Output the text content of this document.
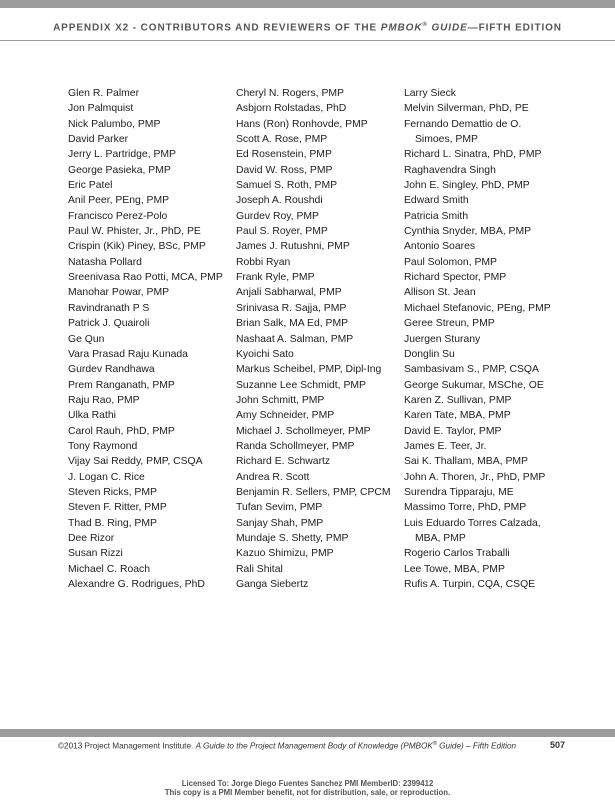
APPENDIX X2 - CONTRIBUTORS AND REVIEWERS OF THE PMBOK® GUIDE—FIFTH EDITION
Glen R. Palmer
Jon Palmquist
Nick Palumbo, PMP
David Parker
Jerry L. Partridge, PMP
George Pasieka, PMP
Eric Patel
Anil Peer, PEng, PMP
Francisco Perez-Polo
Paul W. Phister, Jr., PhD, PE
Crispin (Kik) Piney, BSc, PMP
Natasha Pollard
Sreenivasa Rao Potti, MCA, PMP
Manohar Powar, PMP
Ravindranath P S
Patrick J. Quairoli
Ge Qun
Vara Prasad Raju Kunada
Gurdev Randhawa
Prem Ranganath, PMP
Raju Rao, PMP
Ulka Rathi
Carol Rauh, PhD, PMP
Tony Raymond
Vijay Sai Reddy, PMP, CSQA
J. Logan C. Rice
Steven Ricks, PMP
Steven F. Ritter, PMP
Thad B. Ring, PMP
Dee Rizor
Susan Rizzi
Michael C. Roach
Alexandre G. Rodrigues, PhD
Cheryl N. Rogers, PMP
Asbjorn Rolstadas, PhD
Hans (Ron) Ronhovde, PMP
Scott A. Rose, PMP
Ed Rosenstein, PMP
David W. Ross, PMP
Samuel S. Roth, PMP
Joseph A. Roushdi
Gurdev Roy, PMP
Paul S. Royer, PMP
James J. Rutushni, PMP
Robbi Ryan
Frank Ryle, PMP
Anjali Sabharwal, PMP
Srinivasa R. Sajja, PMP
Brian Salk, MA Ed, PMP
Nashaat A. Salman, PMP
Kyoichi Sato
Markus Scheibel, PMP, Dipl-Ing
Suzanne Lee Schmidt, PMP
John Schmitt, PMP
Amy Schneider, PMP
Michael J. Schollmeyer, PMP
Randa Schollmeyer, PMP
Richard E. Schwartz
Andrea R. Scott
Benjamin R. Sellers, PMP, CPCM
Tufan Sevim, PMP
Sanjay Shah, PMP
Mundaje S. Shetty, PMP
Kazuo Shimizu, PMP
Rali Shital
Ganga Siebertz
Larry Sieck
Melvin Silverman, PhD, PE
Fernando Demattio de O.
Simoes, PMP
Richard L. Sinatra, PhD, PMP
Raghavendra Singh
John E. Singley, PhD, PMP
Edward Smith
Patricia Smith
Cynthia Snyder, MBA, PMP
Antonio Soares
Paul Solomon, PMP
Richard Spector, PMP
Allison St. Jean
Michael Stefanovic, PEng, PMP
Geree Streun, PMP
Juergen Sturany
Donglin Su
Sambasivam S., PMP, CSQA
George Sukumar, MSChe, OE
Karen Z. Sullivan, PMP
Karen Tate, MBA, PMP
David E. Taylor, PMP
James E. Teer, Jr.
Sai K. Thallam, MBA, PMP
John A. Thoren, Jr., PhD, PMP
Surendra Tipparaju, ME
Massimo Torre, PhD, PMP
Luis Eduardo Torres Calzada,
MBA, PMP
Rogerio Carlos Traballi
Lee Towe, MBA, PMP
Rufis A. Turpin, CQA, CSQE
©2013 Project Management Institute. A Guide to the Project Management Body of Knowledge (PMBOK® Guide) – Fifth Edition	507
Licensed To: Jorge Diego Fuentes Sanchez PMI MemberID: 2399412
This copy is a PMI Member benefit, not for distribution, sale, or reproduction.
